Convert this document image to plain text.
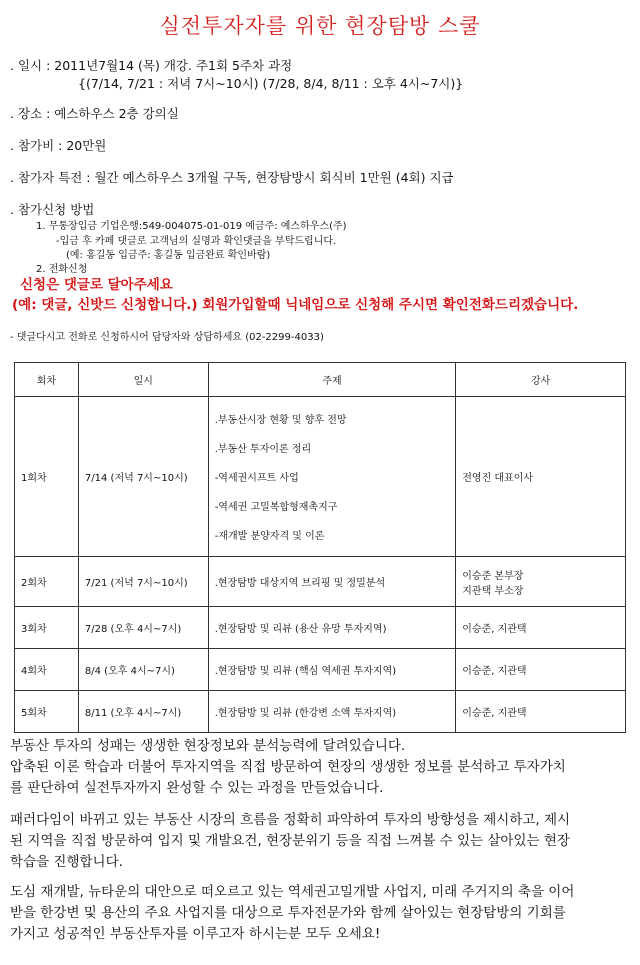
실전투자자를 위한 현장탐방 스쿨
. 일시 : 2011년7월14 (목) 개강. 주1회 5주차 과정
{(7/14, 7/21 : 저녁 7시~10시) (7/28, 8/4, 8/11 : 오후 4시~7시)}
. 장소 : 예스하우스 2층 강의실
. 참가비 : 20만원
. 참가자 특전 : 월간 예스하우스 3개월 구독, 현장탐방시 회식비 1만원 (4회) 지급
. 참가신청 방법
1. 무통장입금 기업은행:549-004075-01-019 예금주: 예스하우스(주)
-입금 후 카페 댓글로 고객님의 실명과 확인댓글을 부탁드립니다.
(예: 홍길동 입금주: 홍길동 입금완료 확인바람)
2. 전화신청
신청은 댓글로 달아주세요
(예: 댓글, 신밧드 신청합니다.) 회원가입할때 닉네임으로 신청해 주시면 확인전화드리겠습니다.
- 댓글다시고 전화로 신청하시어 담당자와 상담하세요 (02-2299-4033)
회차	일시	주제	강사
1회차	7/14 (저녁 7시~10시)	.부동산시장 현황 및 향후 전망
.부동산 투자이론 정리
-역세권시프트 사업
-역세권 고밀복합형재촉지구
-재개발 분양자격 및 이론	전영진 대표이사

2회차	7/21 (저녁 7시~10시)	.현장탐방 대상지역 브리핑 및 정밀분석	이승준 본부장
지관택 부소장

3회차	7/28 (오후 4시~7시)	.현장탐방 및 리뷰 (용산 유망 투자지역)	이승준, 지관택
4회차	8/4 (오후 4시~7시)	.현장탐방 및 리뷰 (핵심 역세권 투자지역)	이승준, 지관택
5회차	8/11 (오후 4시~7시)	.현장탐방 및 리뷰 (한강변 소액 투자지역)	이승준, 지관택
부동산 투자의 성패는 생생한 현장정보와 분석능력에 달려있습니다.
압축된 이론 학습과 더불어 투자지역을 직접 방문하여 현장의 생생한 정보를 분석하고 투자가치
를 판단하여 실전투자까지 완성할 수 있는 과정을 만들었습니다.
패러다임이 바뀌고 있는 부동산 시장의 흐름을 정확히 파악하여 투자의 방향성을 제시하고, 제시
된 지역을 직접 방문하여 입지 및 개발요건, 현장분위기 등을 직접 느껴볼 수 있는 살아있는 현장
학습을 진행합니다.
도심 재개발, 뉴타운의 대안으로 떠오르고 있는 역세권고밀개발 사업지, 미래 주거지의 축을 이어
받을 한강변 및 용산의 주요 사업지를 대상으로 투자전문가와 함께 살아있는 현장탐방의 기회를
가지고 성공적인 부동산투자를 이루고자 하시는분 모두 오세요!
